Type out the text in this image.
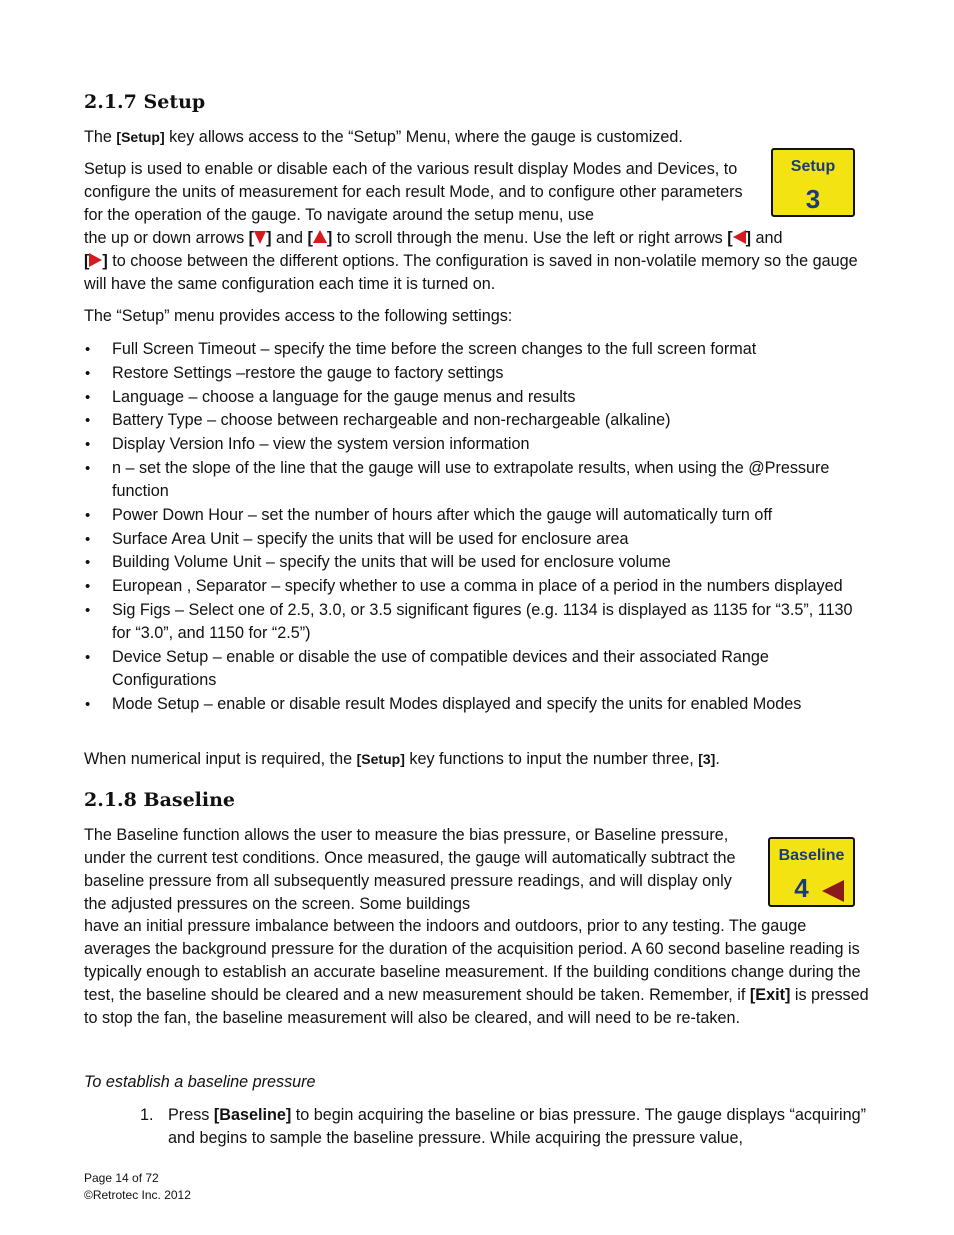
2.1.7 Setup

The [Setup] key allows access to the “Setup” Menu, where the gauge is customized.

Setup is used to enable or disable each of the various result display Modes and Devices, to configure the units of measurement for each result Mode, and to configure other parameters for the operation of the gauge. To navigate around the setup menu, use

the up or down arrows [ ] and [ ] to scroll through the menu. Use the left or right arrows [ ] and
[ ] to choose between the different options. The configuration is saved in non-volatile memory so the gauge will have the same configuration each time it is turned on.

The “Setup” menu provides access to the following settings:

• Full Screen Timeout – specify the time before the screen changes to the full screen format
• Restore Settings –restore the gauge to factory settings
• Language – choose a language for the gauge menus and results
• Battery Type – choose between rechargeable and non-rechargeable (alkaline)
• Display Version Info – view the system version information
• n – set the slope of the line that the gauge will use to extrapolate results, when using the @Pressure function
• Power Down Hour – set the number of hours after which the gauge will automatically turn off
• Surface Area Unit – specify the units that will be used for enclosure area
• Building Volume Unit – specify the units that will be used for enclosure volume
• European , Separator – specify whether to use a comma in place of a period in the numbers displayed
• Sig Figs – Select one of 2.5, 3.0, or 3.5 significant figures (e.g. 1134 is displayed as 1135 for “3.5”, 1130 for “3.0”, and 1150 for “2.5”)
• Device Setup – enable or disable the use of compatible devices and their associated Range Configurations
• Mode Setup – enable or disable result Modes displayed and specify the units for enabled Modes

When numerical input is required, the [Setup] key functions to input the number three, [3].

2.1.8 Baseline

The Baseline function allows the user to measure the bias pressure, or Baseline pressure, under the current test conditions. Once measured, the gauge will automatically subtract the baseline pressure from all subsequently measured pressure readings, and will display only the adjusted pressures on the screen. Some buildings

have an initial pressure imbalance between the indoors and outdoors, prior to any testing. The gauge averages the background pressure for the duration of the acquisition period. A 60 second baseline reading is typically enough to establish an accurate baseline measurement. If the building conditions change during the test, the baseline should be cleared and a new measurement should be taken. Remember, if [Exit] is pressed to stop the fan, the baseline measurement will also be cleared, and will need to be re-taken.

To establish a baseline pressure

1. Press [Baseline] to begin acquiring the baseline or bias pressure. The gauge displays “acquiring” and begins to sample the baseline pressure. While acquiring the pressure value,

Setup
3
Baseline
4
Page 14 of 72
©Retrotec Inc. 2012
